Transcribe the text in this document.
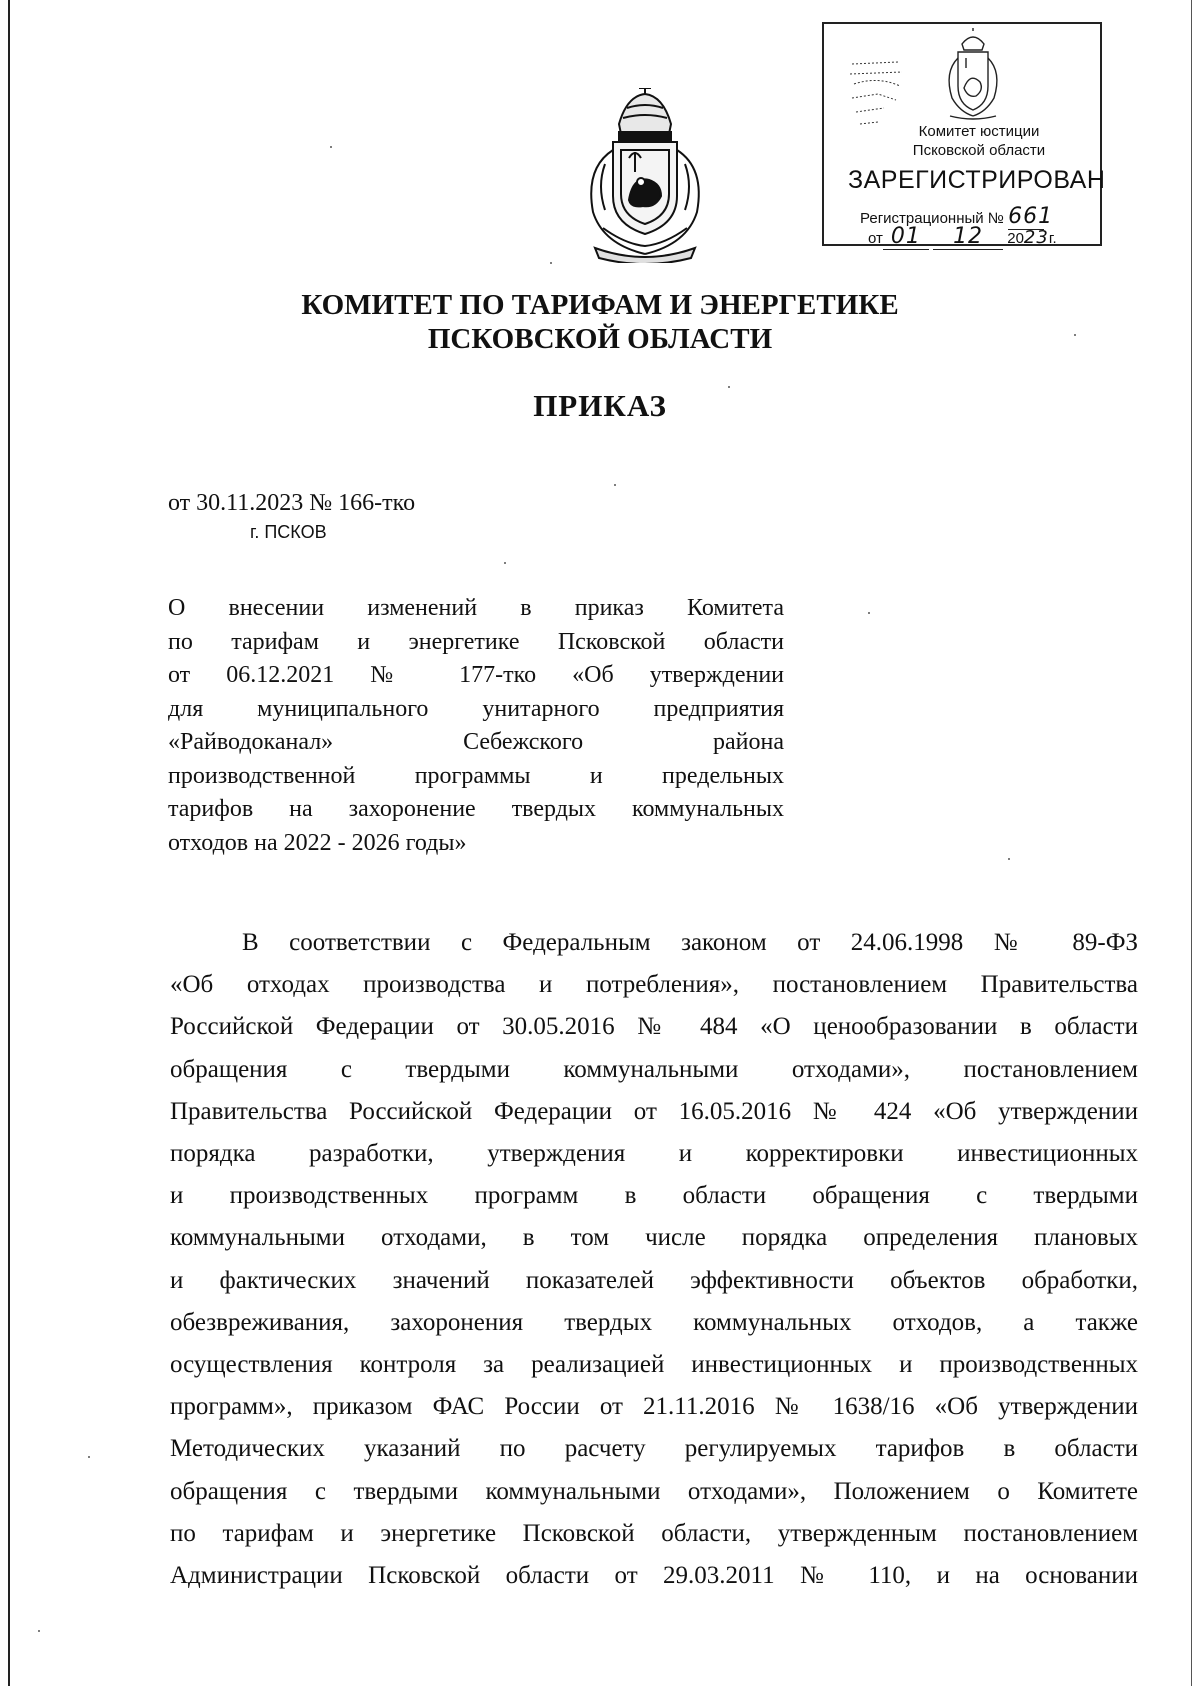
Комитет юстиции
Псковской области
ЗАРЕГИСТРИРОВАН
Регистрационный № 661
от 01 12 2023г.
КОМИТЕТ ПО ТАРИФАМ И ЭНЕРГЕТИКЕ
ПСКОВСКОЙ ОБЛАСТИ
ПРИКАЗ
от 30.11.2023 № 166-тко
г. ПСКОВ

О внесении изменений в приказ Комитета

по тарифам и энергетике Псковской области

от 06.12.2021 № 177-тко «Об утверждении

для муниципального унитарного предприятия

«Райводоканал» Себежского района

производственной программы и предельных

тарифов на захоронение твердых коммунальных

отходов на 2022 - 2026 годы»

В соответствии с Федеральным законом от 24.06.1998 № 89-ФЗ

«Об отходах производства и потребления», постановлением Правительства

Российской Федерации от 30.05.2016 № 484 «О ценообразовании в области

обращения с твердыми коммунальными отходами», постановлением

Правительства Российской Федерации от 16.05.2016 № 424 «Об утверждении

порядка разработки, утверждения и корректировки инвестиционных

и производственных программ в области обращения с твердыми

коммунальными отходами, в том числе порядка определения плановых

и фактических значений показателей эффективности объектов обработки,

обезвреживания, захоронения твердых коммунальных отходов, а также

осуществления контроля за реализацией инвестиционных и производственных

программ», приказом ФАС России от 21.11.2016 № 1638/16 «Об утверждении

Методических указаний по расчету регулируемых тарифов в области

обращения с твердыми коммунальными отходами», Положением о Комитете

по тарифам и энергетике Псковской области, утвержденным постановлением

Администрации Псковской области от 29.03.2011 № 110, и на основании
